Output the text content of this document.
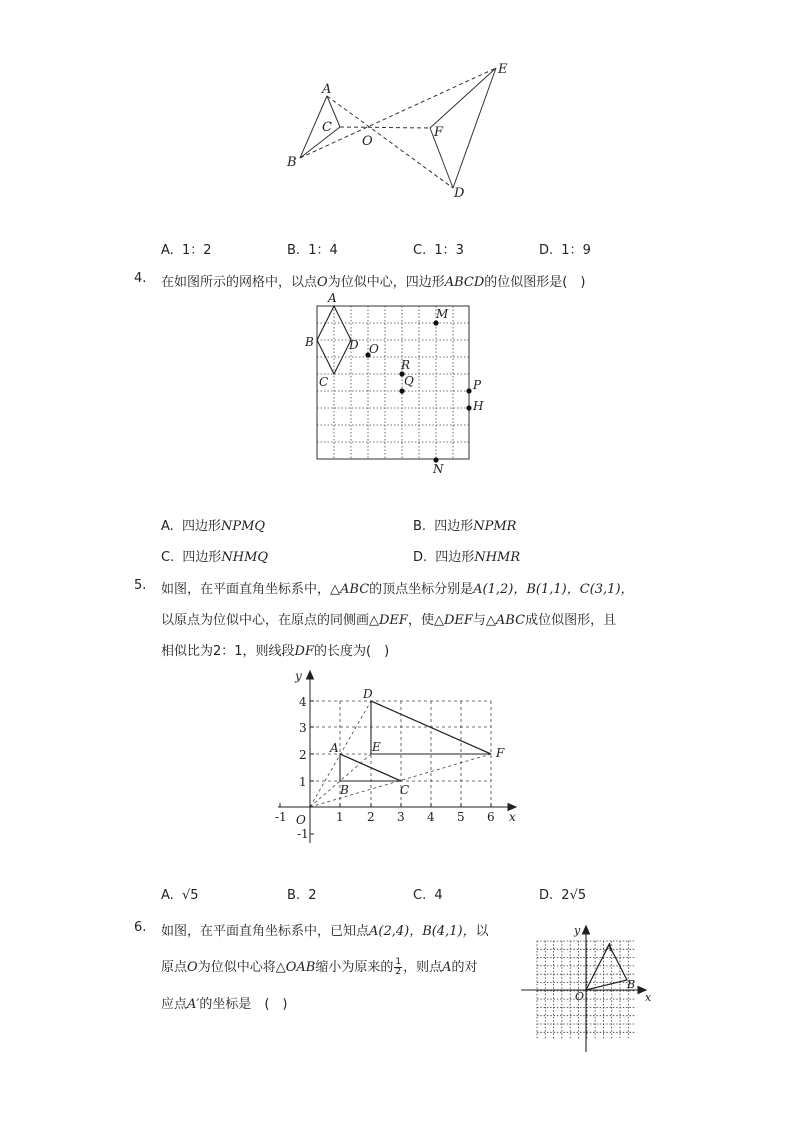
A
C
B
O
F
E
D
A. 1：2	B. 1：4	C. 1：3	D. 1：9
4. 在如图所示的网格中，以点O为位似中心，四边形ABCD的位似图形是(　)
A
B
C
D O
M
R
Q	P
H
N
A. 四边形NPMQ	B. 四边形NPMR
C. 四边形NHMQ	D. 四边形NHMR
5. 如图，在平面直角坐标系中，△ABC的顶点坐标分别是A(1,2)，B(1,1)，C(3,1)，
以原点为位似中心，在原点的同侧画△DEF，使△DEF与△ABC成位似图形，且
相似比为2：1，则线段DF的长度为(　)
y
x
O
-1	1 2 3 4 5 6
4
3
2
1
-1
D
E	F
A
B	C
A. √5	B. 2	C. 4	D. 2√5
6. 如图，在平面直角坐标系中，已知点A(2,4)，B(4,1)，以
原点O为位似中心将△OAB缩小为原来的 $\frac{1}{2}$ ，则点A的对
应点A′的坐标是　(　)
y
x
O
A
B
